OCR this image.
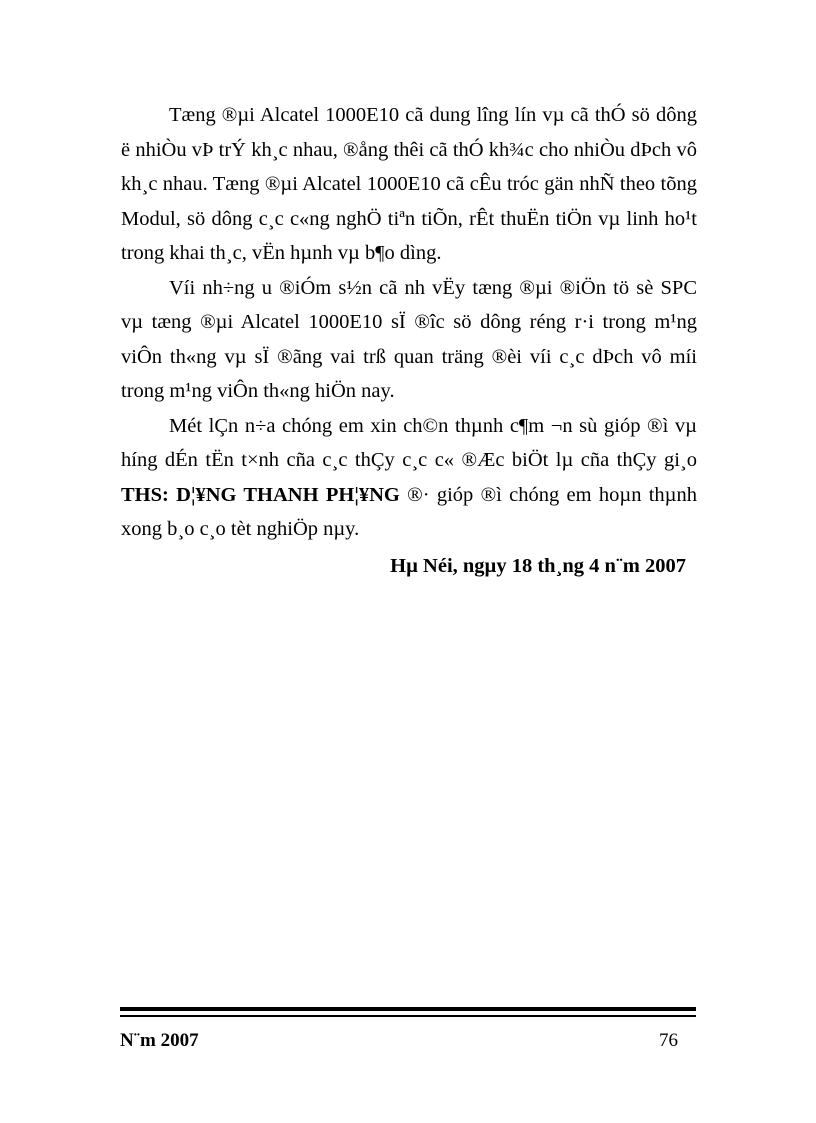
Tæng ®µi Alcatel 1000E10 cã dung lîng lín vµ cã thÓ sö dông ë nhiÒu vÞ trÝ kh¸c nhau, ®ång thêi cã thÓ kh¾c cho nhiÒu dÞch vô kh¸c nhau. Tæng ®µi Alcatel 1000E10 cã cÊu tróc gän nhÑ theo tõng Modul, sö dông c¸c c«ng nghÖ tiªn tiÕn, rÊt thuËn tiÖn vµ linh ho¹t trong khai th¸c, vËn hµnh vµ b¶o dìng.

Víi nh÷ng u ®iÓm s½n cã nh vËy tæng ®µi ®iÖn tö sè SPC vµ tæng ®µi Alcatel 1000E10 sÏ ®îc sö dông réng r·i trong m¹ng viÔn th«ng vµ sÏ ®ãng vai trß quan träng ®èi víi c¸c dÞch vô míi trong m¹ng viÔn th«ng hiÖn nay.

Mét lÇn n÷a chóng em xin ch©n thµnh c¶m ¬n sù gióp ®ì vµ híng dÉn tËn t×nh cña c¸c thÇy c¸c c« ®Æc biÖt lµ cña thÇy gi¸o THS: D¦¥NG THANH PH¦¥NG ®· gióp ®ì chóng em hoµn thµnh xong b¸o c¸o tèt nghiÖp nµy.

Hµ Néi, ngµy 18 th¸ng 4 n¨m 2007
N¨m 2007	76
